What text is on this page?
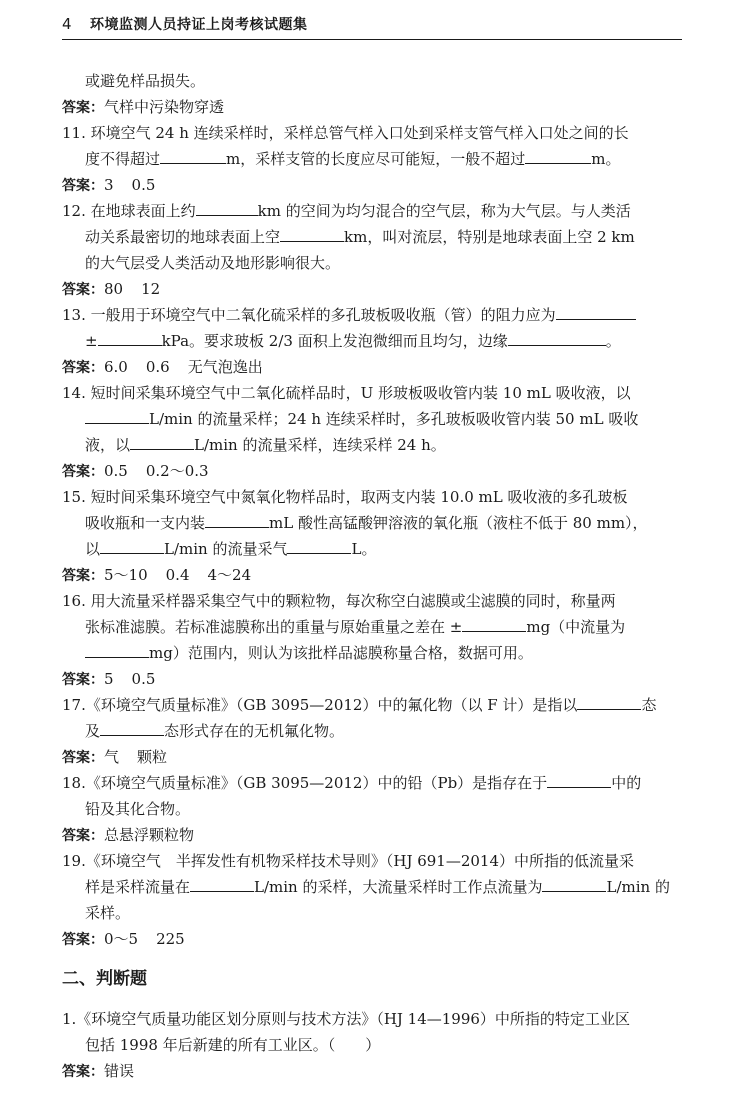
4	环境监测人员持证上岗考核试题集
或避免样品损失。
答案：气样中污染物穿透
11. 环境空气 24 h 连续采样时，采样总管气样入口处到采样支管气样入口处之间的长
度不得超过	m，采样支管的长度应尽可能短，一般不超过	m。
答案：3 0.5
12. 在地球表面上约	km 的空间为均匀混合的空气层，称为大气层。与人类活
动关系最密切的地球表面上空	km，叫对流层，特别是地球表面上空 2 km
的大气层受人类活动及地形影响很大。
答案：80 12
13. 一般用于环境空气中二氧化硫采样的多孔玻板吸收瓶（管）的阻力应为
±	kPa。要求玻板 2/3 面积上发泡微细而且均匀，边缘	。
答案：6.0 0.6 无气泡逸出
14. 短时间采集环境空气中二氧化硫样品时，U 形玻板吸收管内装 10 mL 吸收液，以
L/min 的流量采样；24 h 连续采样时，多孔玻板吸收管内装 50 mL 吸收
液，以	L/min 的流量采样，连续采样 24 h。
答案：0.5 0.2～0.3
15. 短时间采集环境空气中氮氧化物样品时，取两支内装 10.0 mL 吸收液的多孔玻板
吸收瓶和一支内装	mL 酸性高锰酸钾溶液的氧化瓶（液柱不低于 80 mm），
以	L/min 的流量采气	L。
答案：5～10 0.4 4～24
16. 用大流量采样器采集空气中的颗粒物，每次称空白滤膜或尘滤膜的同时，称量两
张标准滤膜。若标准滤膜称出的重量与原始重量之差在 ±	mg（中流量为
mg）范围内，则认为该批样品滤膜称量合格，数据可用。
答案：5 0.5
17.《环境空气质量标准》（GB 3095—2012）中的氟化物（以 F 计）是指以	态
及	态形式存在的无机氟化物。
答案：气 颗粒
18.《环境空气质量标准》（GB 3095—2012）中的铅（Pb）是指存在于	中的
铅及其化合物。
答案：总悬浮颗粒物
19.《环境空气　半挥发性有机物采样技术导则》（HJ 691—2014）中所指的低流量采
样是采样流量在	L/min 的采样，大流量采样时工作点流量为	L/min 的
采样。
答案：0～5 225
二、判断题
1.《环境空气质量功能区划分原则与技术方法》（HJ 14—1996）中所指的特定工业区
包括 1998 年后新建的所有工业区。（　　）
答案：错误
